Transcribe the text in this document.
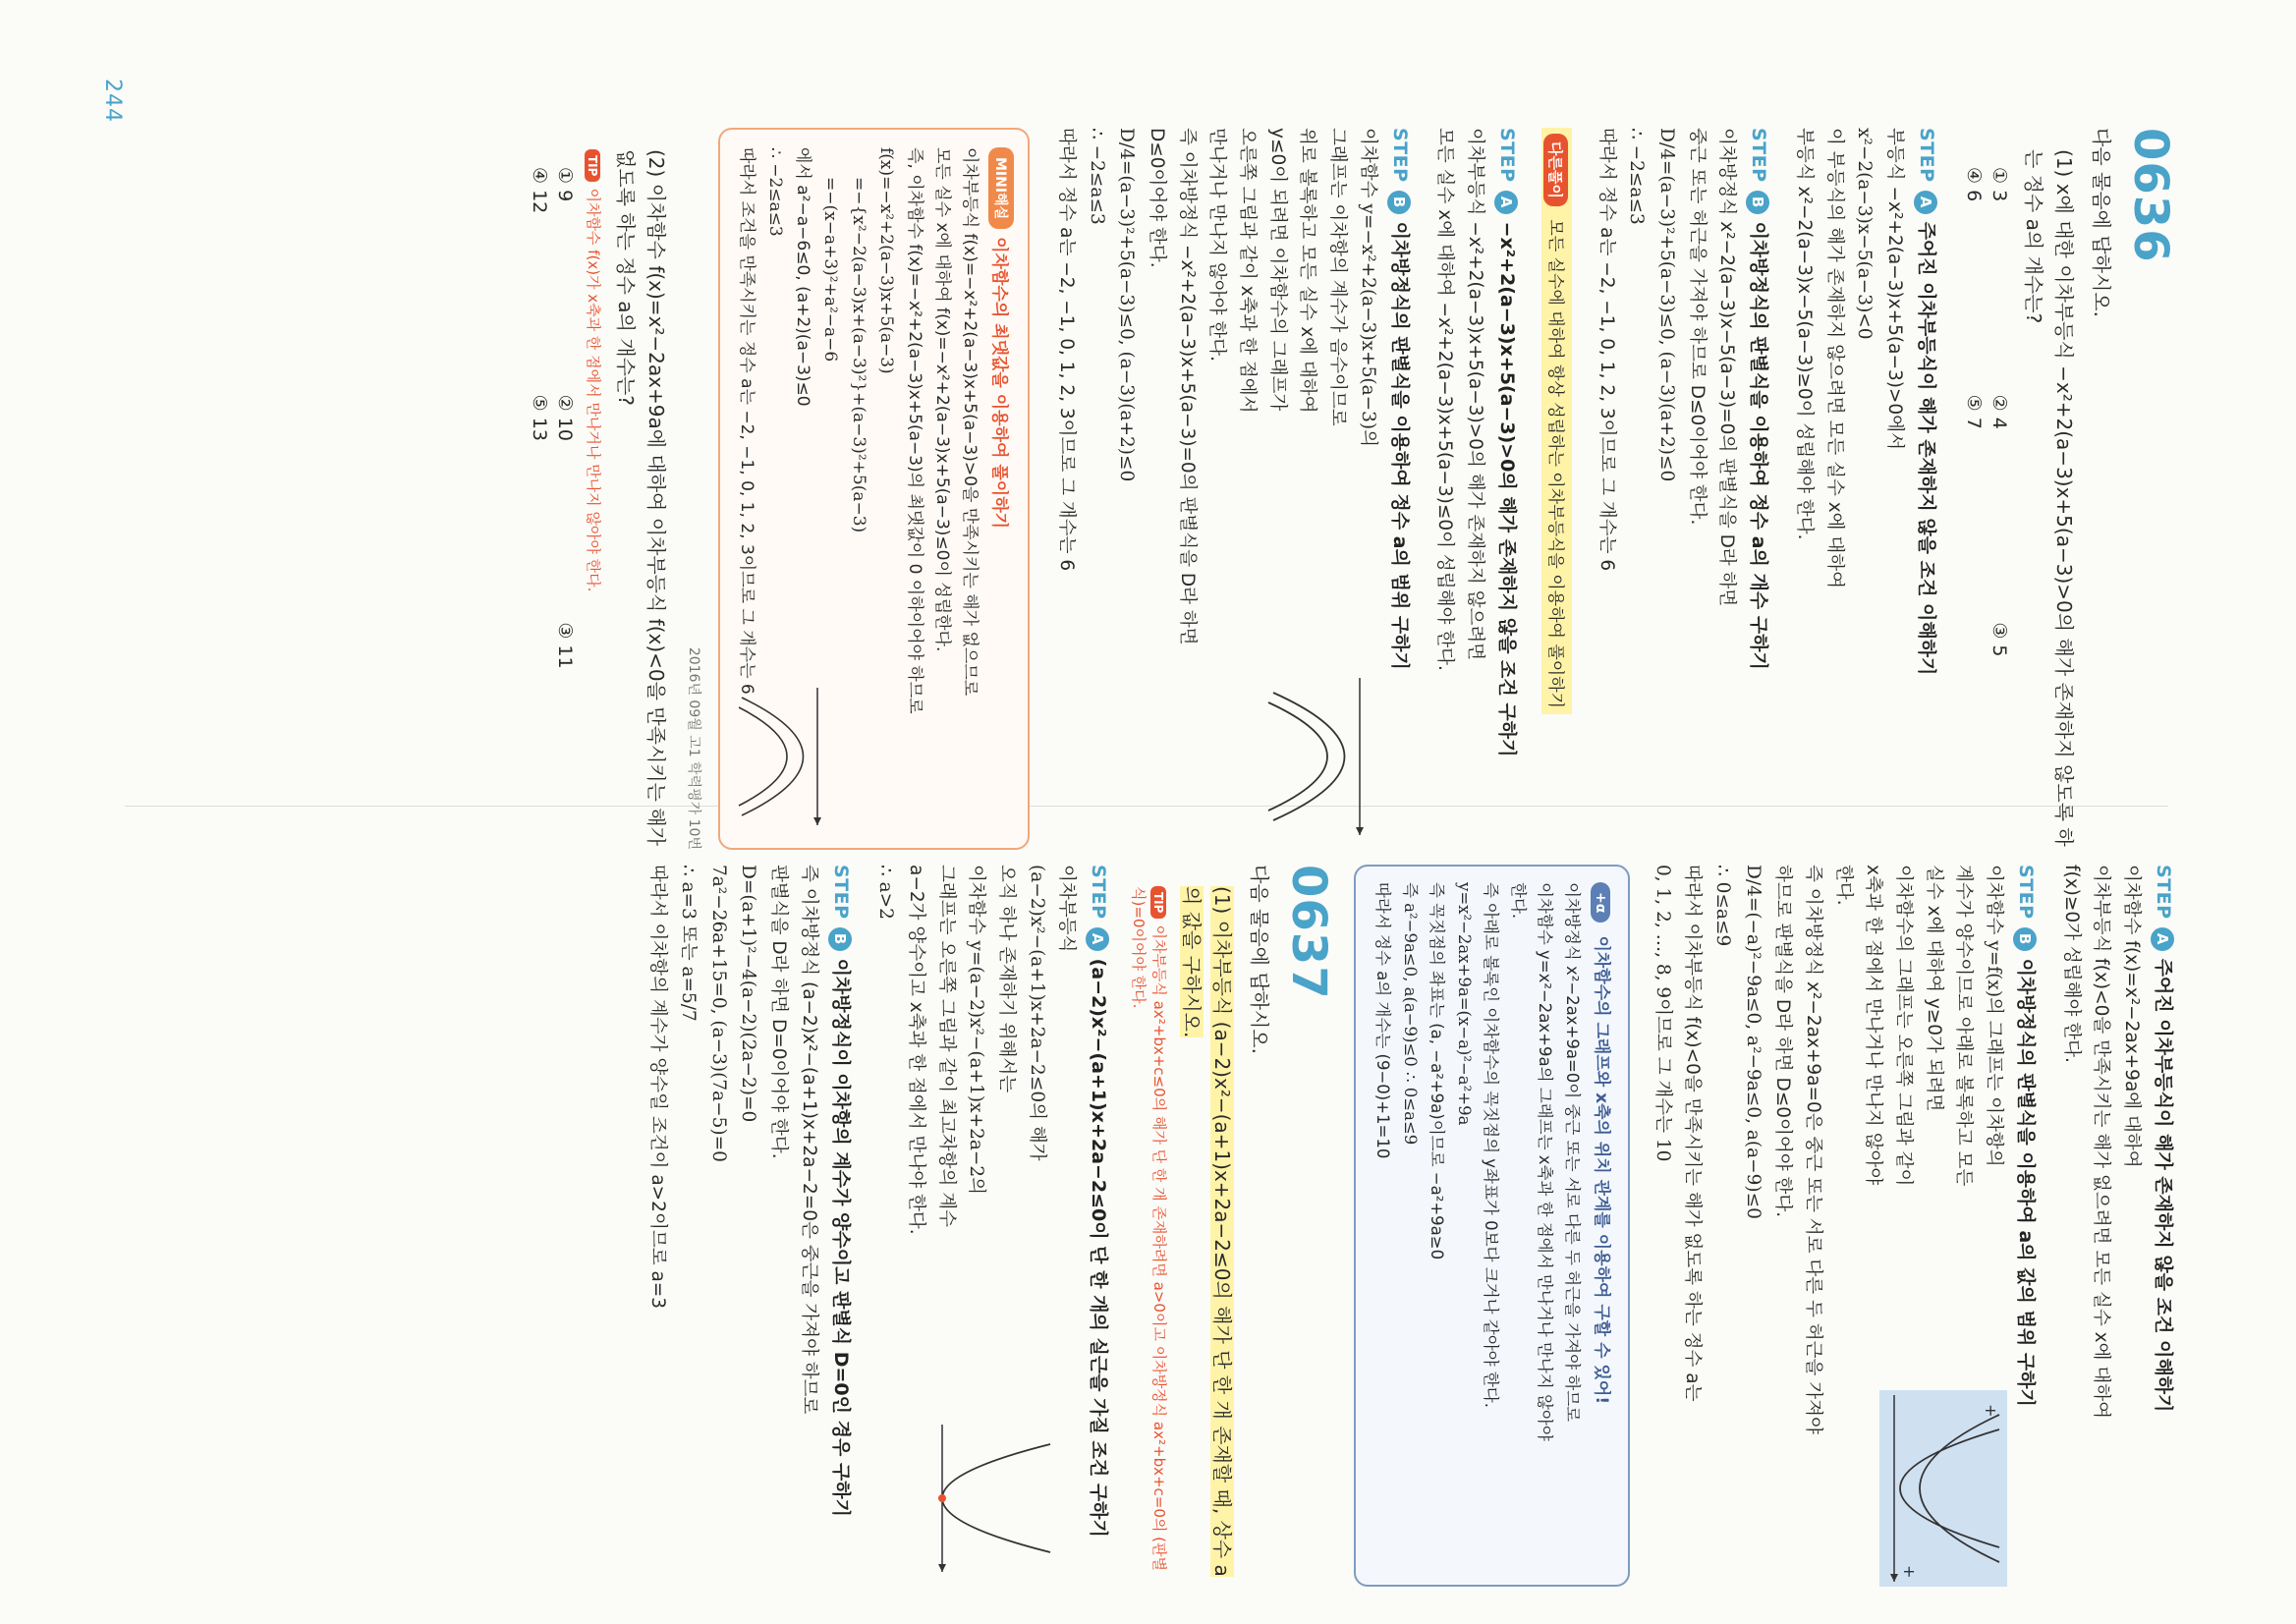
244
0636
다음 물음에 답하시오.
(1) x에 대한 이차부등식 −x²+2(a−3)x+5(a−3)>0의 해가 존재하지 않도록 하는 정수 a의 개수는?
① 3
② 4
③ 5
④ 6
⑤ 7
STEP
A
주어진 이차부등식이 해가 존재하지 않을 조건 이해하기
부등식 −x²+2(a−3)x+5(a−3)>0에서
x²−2(a−3)x−5(a−3)<0
이 부등식의 해가 존재하지 않으려면 모든 실수 x에 대하여
부등식 x²−2(a−3)x−5(a−3)≥0이 성립해야 한다.
STEP
B
이차방정식의 판별식을 이용하여 정수 a의 개수 구하기
이차방정식 x²−2(a−3)x−5(a−3)=0의 판별식을 D라 하면
중근 또는 허근을 가져야 하므로 D≤0이어야 한다.
D/4=(a−3)²+5(a−3)≤0, (a−3)(a+2)≤0
∴ −2≤a≤3
따라서 정수 a는 −2, −1, 0, 1, 2, 3이므로 그 개수는 6
다른풀이 모든 실수에 대하여 항상 성립하는 이차부등식을 이용하여 풀이하기
STEP
A
−x²+2(a−3)x+5(a−3)>0의 해가 존재하지 않을 조건 구하기
이차부등식 −x²+2(a−3)x+5(a−3)>0의 해가 존재하지 않으려면
모든 실수 x에 대하여 −x²+2(a−3)x+5(a−3)≤0이 성립해야 한다.
STEP
B
이차방정식의 판별식을 이용하여 정수 a의 범위 구하기
이차함수 y=−x²+2(a−3)x+5(a−3)의
그래프는 이차항의 계수가 음수이므로
위로 볼록하고 모든 실수 x에 대하여
y≤0이 되려면 이차함수의 그래프가
오른쪽 그림과 같이 x축과 한 점에서
만나거나 만나지 않아야 한다.
즉 이차방정식 −x²+2(a−3)x+5(a−3)=0의 판별식을 D라 하면
D≤0이어야 한다.
D/4=(a−3)²+5(a−3)≤0, (a−3)(a+2)≤0
∴ −2≤a≤3
따라서 정수 a는 −2, −1, 0, 1, 2, 3이므로 그 개수는 6
MINI해설
이차함수의 최댓값을 이용하여 풀이하기
이차부등식 f(x)=−x²+2(a−3)x+5(a−3)>0을 만족시키는 해가 없으므로
모든 실수 x에 대하여 f(x)=−x²+2(a−3)x+5(a−3)≤0이 성립한다.
즉, 이차함수 f(x)=−x²+2(a−3)x+5(a−3)의 최댓값이 0 이하이어야 하므로
f(x)=−x²+2(a−3)x+5(a−3)
=−{x²−2(a−3)x+(a−3)²}+(a−3)²+5(a−3)
=−(x−a+3)²+a²−a−6
에서 a²−a−6≤0, (a+2)(a−3)≤0
∴ −2≤a≤3
따라서 조건을 만족시키는 정수 a는 −2, −1, 0, 1, 2, 3이므로 그 개수는 6
2016년 09월 고1 학력평가 10번
(2) 이차함수 f(x)=x²−2ax+9a에 대하여 이차부등식 f(x)<0을 만족시키는 해가 없도록 하는 정수 a의 개수는?
TIP이차함수 f(x)가 x축과 한 점에서 만나거나 만나지 않아야 한다.
① 9
② 10
③ 11
④ 12
⑤ 13
STEP
A
주어진 이차부등식이 해가 존재하지 않을 조건 이해하기
이차함수 f(x)=x²−2ax+9a에 대하여
이차부등식 f(x)<0을 만족시키는 해가 없으려면 모든 실수 x에 대하여
f(x)≥0가 성립해야 한다.
STEP
B
이차방정식의 판별식을 이용하여 a의 값의 범위 구하기
+
+
이차함수 y=f(x)의 그래프는 이차항의
계수가 양수이므로 아래로 볼록하고 모든
실수 x에 대하여 y≥0가 되려면
이차함수의 그래프는 오른쪽 그림과 같이
x축과 한 점에서 만나거나 만나지 않아야
한다.
즉 이차방정식 x²−2ax+9a=0은 중근 또는 서로 다른 두 허근을 가져야
하므로 판별식을 D라 하면 D≤0이어야 한다.
D/4=(−a)²−9a≤0, a²−9a≤0, a(a−9)≤0
∴ 0≤a≤9
따라서 이차부등식 f(x)<0을 만족시키는 해가 없도록 하는 정수 a는
0, 1, 2, …, 8, 9이므로 그 개수는 10
+α 이차함수의 그래프와 x축의 위치 관계를 이용하여 구할 수 있어!
이차방정식 x²−2ax+9a=0이 중근 또는 서로 다른 두 허근을 가져야 하므로
이차함수 y=x²−2ax+9a의 그래프는 x축과 한 점에서 만나거나 만나지 않아야
한다.
즉 아래로 볼록인 이차함수의 꼭짓점의 y좌표가 0보다 크거나 같아야 한다.
y=x²−2ax+9a=(x−a)²−a²+9a
즉 꼭짓점의 좌표는 (a, −a²+9a)이므로 −a²+9a≥0
즉 a²−9a≤0, a(a−9)≤0 ∴ 0≤a≤9
따라서 정수 a의 개수는 (9−0)+1=10
0637
다음 물음에 답하시오.
(1) 이차부등식 (a−2)x²−(a+1)x+2a−2≤0의 해가 단 한 개 존재할 때, 상수 a의 값을 구하시오.
TIP이차부등식 ax²+bx+c≤0의 해가 단 한 개 존재하려면 a>0이고 이차방정식 ax²+bx+c=0의 (판별식)=0이어야 한다.
STEP
A
(a−2)x²−(a+1)x+2a−2≤0이 단 한 개의 실근을 가질 조건 구하기
이차부등식
(a−2)x²−(a+1)x+2a−2≤0의 해가
오직 하나 존재하기 위해서는
이차함수 y=(a−2)x²−(a+1)x+2a−2의
그래프는 오른쪽 그림과 같이 최고차항의 계수
a−2가 양수이고 x축과 한 점에서 만나야 한다.
∴ a>2
STEP
B
이차방정식이 이차항의 계수가 양수이고 판별식 D=0인 경우 구하기
즉 이차방정식 (a−2)x²−(a+1)x+2a−2=0은 중근을 가져야 하므로
판별식을 D라 하면 D=0이어야 한다.
D=(a+1)²−4(a−2)(2a−2)=0
7a²−26a+15=0, (a−3)(7a−5)=0
∴ a=3 또는 a=5/7
따라서 이차항의 계수가 양수일 조건이 a>2이므로 a=3
